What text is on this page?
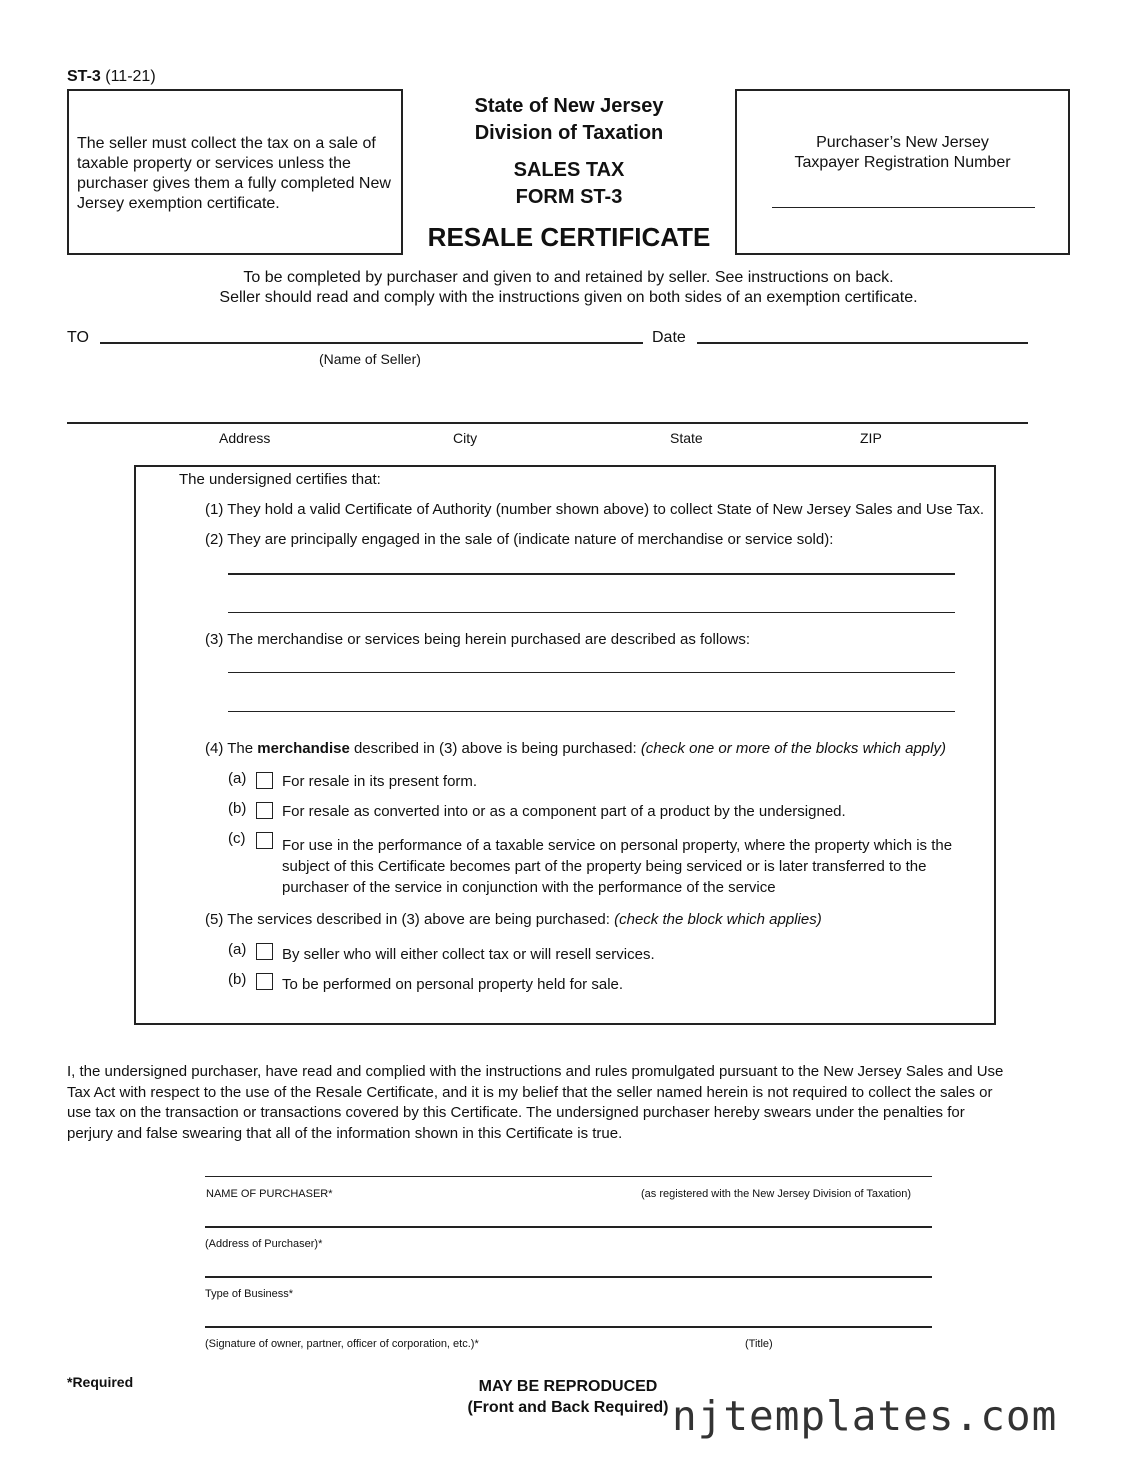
ST-3 (11-21)
The seller must collect the tax on a sale of taxable property or services unless the purchaser gives them a fully completed New Jersey exemption certificate.
State of New Jersey
Division of Taxation
SALES TAX
FORM ST-3
RESALE CERTIFICATE
Purchaser’s New Jersey
Taxpayer Registration Number
To be completed by purchaser and given to and retained by seller. See instructions on back.
Seller should read and comply with the instructions given on both sides of an exemption certificate.
TO	Date
(Name of Seller)
Address	City	State	ZIP
The undersigned certifies that:
(1) They hold a valid Certificate of Authority (number shown above) to collect State of New Jersey Sales and Use Tax.
(2) They are principally engaged in the sale of (indicate nature of merchandise or service sold):
(3) The merchandise or services being herein purchased are described as follows:
(4) The merchandise described in (3) above is being purchased: (check one or more of the blocks which apply)
(a) For resale in its present form.
(b) For resale as converted into or as a component part of a product by the undersigned.
(c) For use in the performance of a taxable service on personal property, where the property which is the
subject of this Certificate becomes part of the property being serviced or is later transferred to the
purchaser of the service in conjunction with the performance of the service
(5) The services described in (3) above are being purchased: (check the block which applies)
(a) By seller who will either collect tax or will resell services.
(b) To be performed on personal property held for sale.
I, the undersigned purchaser, have read and complied with the instructions and rules promulgated pursuant to the New Jersey Sales and Use
Tax Act with respect to the use of the Resale Certificate, and it is my belief that the seller named herein is not required to collect the sales or
use tax on the transaction or transactions covered by this Certificate. The undersigned purchaser hereby swears under the penalties for
perjury and false swearing that all of the information shown in this Certificate is true.
NAME OF PURCHASER*	(as registered with the New Jersey Division of Taxation)
(Address of Purchaser)*
Type of Business*
(Signature of owner, partner, officer of corporation, etc.)*	(Title)
*Required	MAY BE REPRODUCED
(Front and Back Required) njtemplates.com
